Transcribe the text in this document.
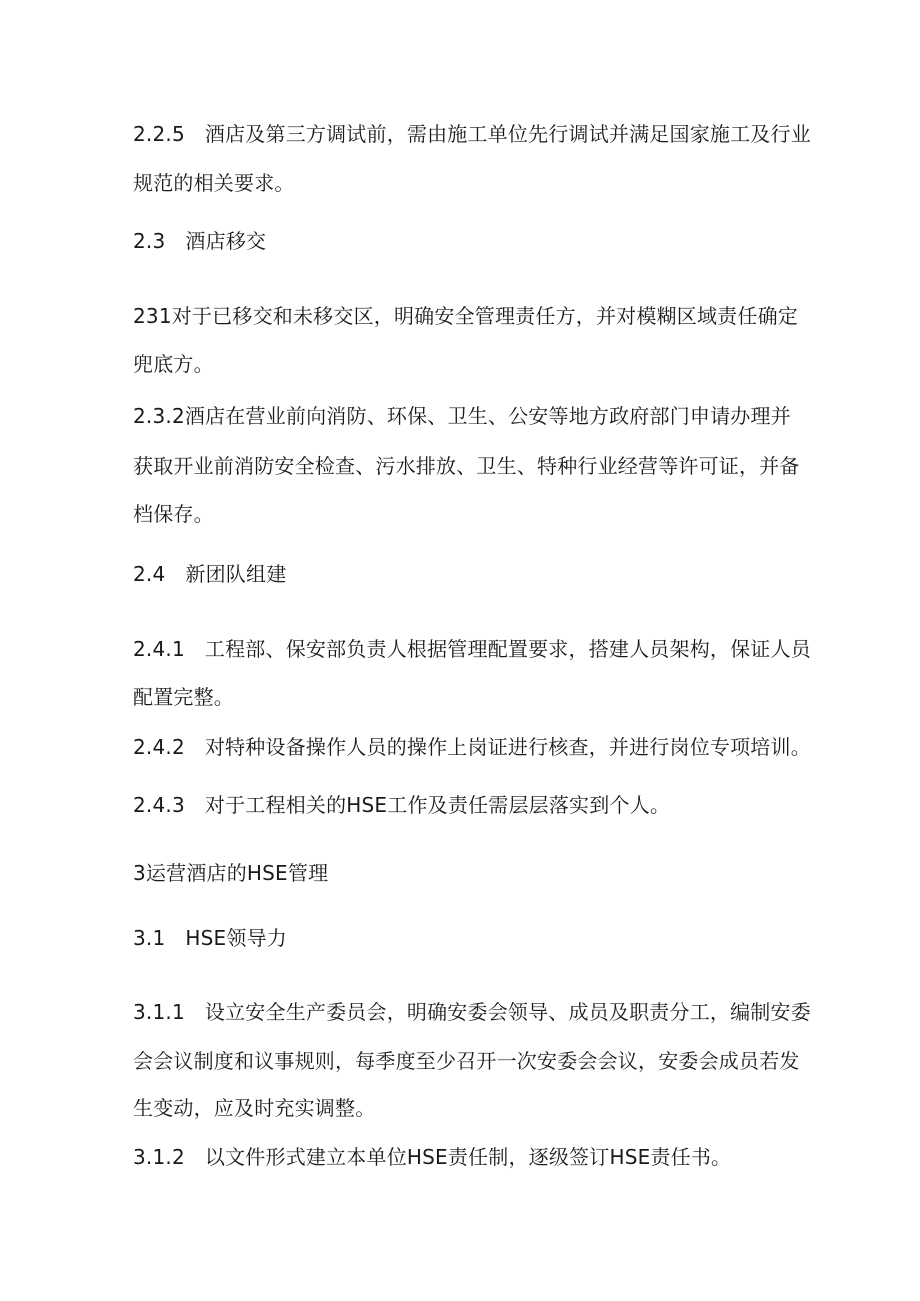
2.2.5 酒店及第三方调试前，需由施工单位先行调试并满足国家施工及行业
规范的相关要求。
2.3 酒店移交
231对于已移交和未移交区，明确安全管理责任方，并对模糊区域责任确定
兜底方。
2.3.2酒店在营业前向消防、环保、卫生、公安等地方政府部门申请办理并
获取开业前消防安全检查、污水排放、卫生、特种行业经营等许可证，并备
档保存。
2.4 新团队组建
2.4.1 工程部、保安部负责人根据管理配置要求，搭建人员架构，保证人员
配置完整。
2.4.2 对特种设备操作人员的操作上岗证进行核查，并进行岗位专项培训。
2.4.3 对于工程相关的HSE工作及责任需层层落实到个人。
3运营酒店的HSE管理
3.1 HSE领导力
3.1.1 设立安全生产委员会，明确安委会领导、成员及职责分工，编制安委
会会议制度和议事规则，每季度至少召开一次安委会会议，安委会成员若发
生变动，应及时充实调整。
3.1.2 以文件形式建立本单位HSE责任制，逐级签订HSE责任书。
